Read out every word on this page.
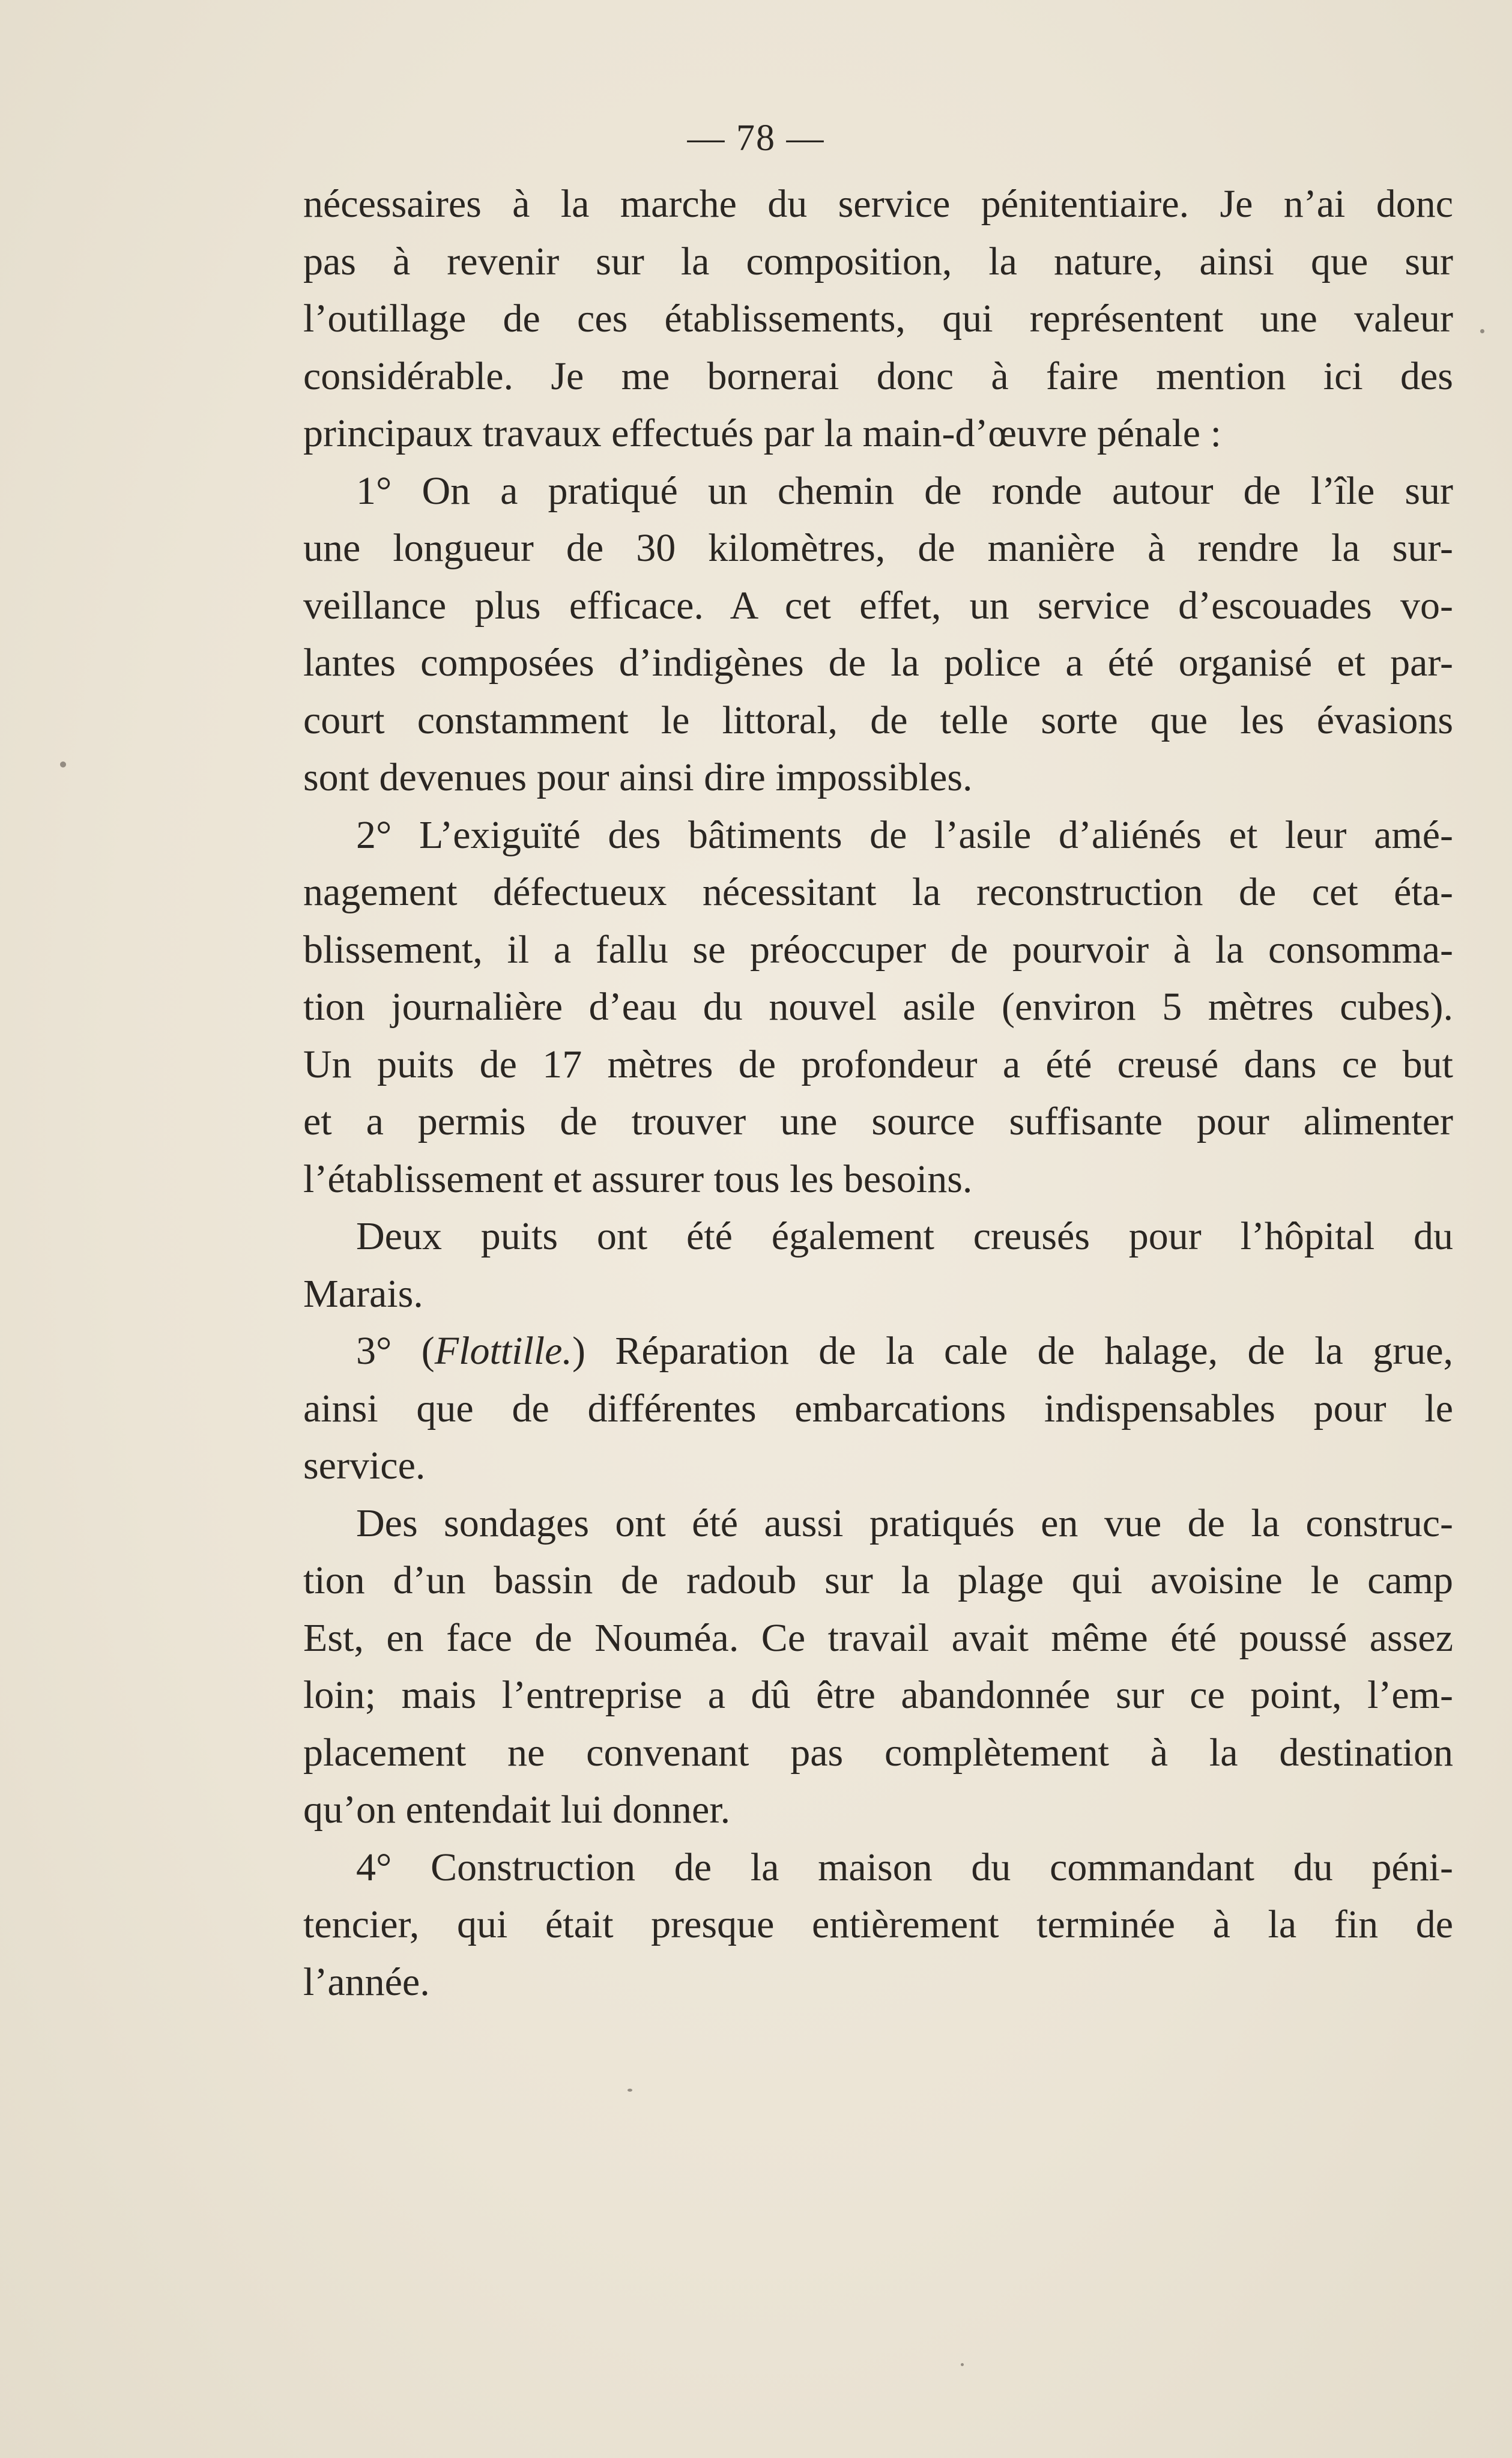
— 78 —
nécessaires à la marche du service pénitentiaire. Je n’ai donc
pas à revenir sur la composition, la nature, ainsi que sur
l’outillage de ces établissements, qui représentent une valeur
considérable. Je me bornerai donc à faire mention ici des
principaux travaux effectués par la main-d’œuvre pénale :
1° On a pratiqué un chemin de ronde autour de l’île sur
une longueur de 30 kilomètres, de manière à rendre la sur-
veillance plus efficace. A cet effet, un service d’escouades vo-
lantes composées d’indigènes de la police a été organisé et par-
court constamment le littoral, de telle sorte que les évasions
sont devenues pour ainsi dire impossibles.
2° L’exiguïté des bâtiments de l’asile d’aliénés et leur amé-
nagement défectueux nécessitant la reconstruction de cet éta-
blissement, il a fallu se préoccuper de pourvoir à la consomma-
tion journalière d’eau du nouvel asile (environ 5 mètres cubes).
Un puits de 17 mètres de profondeur a été creusé dans ce but
et a permis de trouver une source suffisante pour alimenter
l’établissement et assurer tous les besoins.
Deux puits ont été également creusés pour l’hôpital du
Marais.
3° (Flottille.) Réparation de la cale de halage, de la grue,
ainsi que de différentes embarcations indispensables pour le
service.
Des sondages ont été aussi pratiqués en vue de la construc-
tion d’un bassin de radoub sur la plage qui avoisine le camp
Est, en face de Nouméa. Ce travail avait même été poussé assez
loin; mais l’entreprise a dû être abandonnée sur ce point, l’em-
placement ne convenant pas complètement à la destination
qu’on entendait lui donner.
4° Construction de la maison du commandant du péni-
tencier, qui était presque entièrement terminée à la fin de
l’année.
